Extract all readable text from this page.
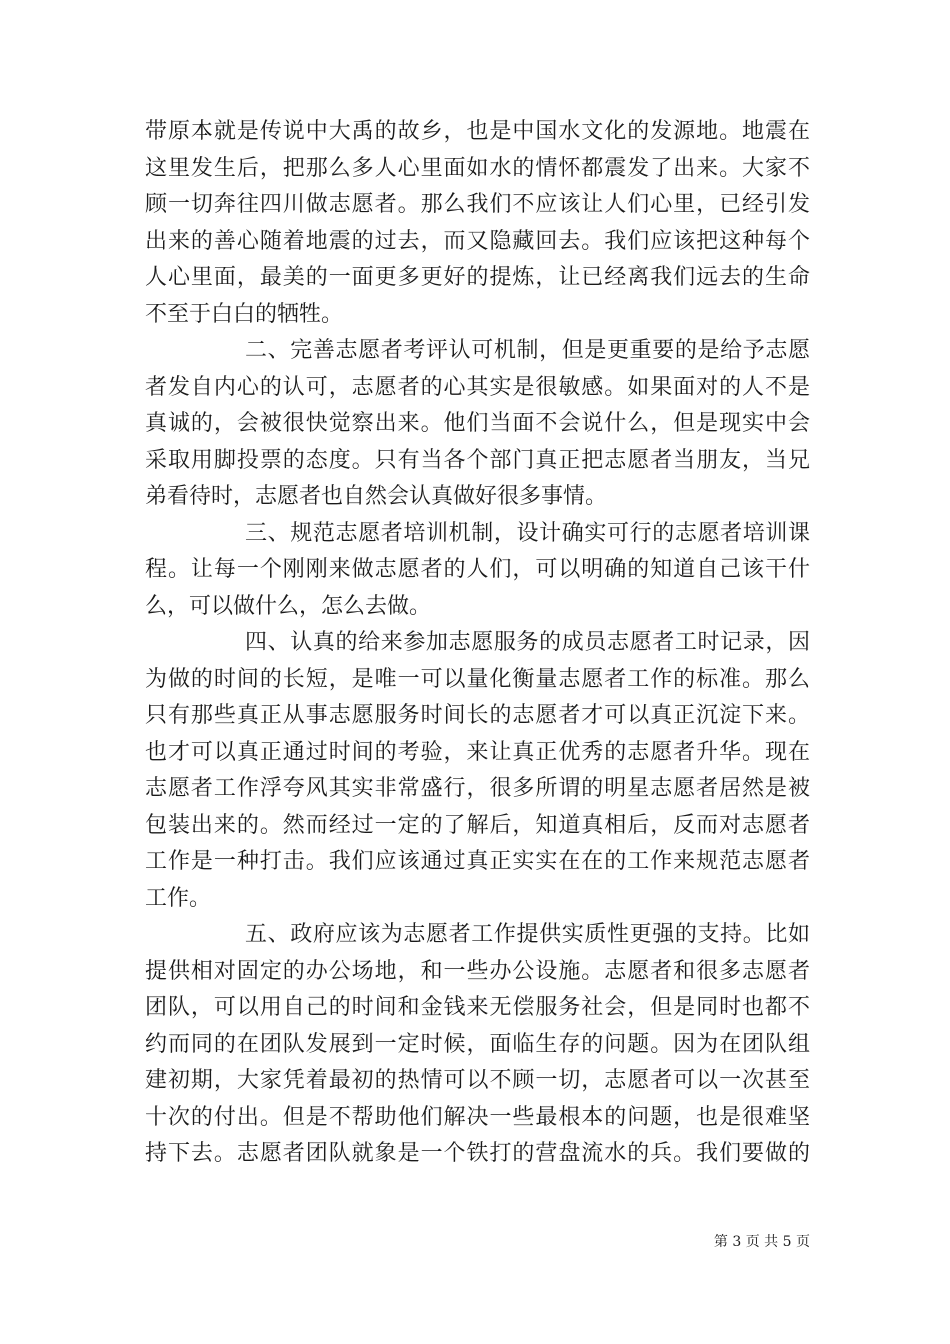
带原本就是传说中大禹的故乡，也是中国水文化的发源地。地震在
这里发生后，把那么多人心里面如水的情怀都震发了出来。大家不
顾一切奔往四川做志愿者。那么我们不应该让人们心里，已经引发
出来的善心随着地震的过去，而又隐藏回去。我们应该把这种每个
人心里面，最美的一面更多更好的提炼，让已经离我们远去的生命
不至于白白的牺牲。
二、完善志愿者考评认可机制，但是更重要的是给予志愿
者发自内心的认可，志愿者的心其实是很敏感。如果面对的人不是
真诚的，会被很快觉察出来。他们当面不会说什么，但是现实中会
采取用脚投票的态度。只有当各个部门真正把志愿者当朋友，当兄
弟看待时，志愿者也自然会认真做好很多事情。
三、规范志愿者培训机制，设计确实可行的志愿者培训课
程。让每一个刚刚来做志愿者的人们，可以明确的知道自己该干什
么，可以做什么，怎么去做。
四、认真的给来参加志愿服务的成员志愿者工时记录，因
为做的时间的长短，是唯一可以量化衡量志愿者工作的标准。那么
只有那些真正从事志愿服务时间长的志愿者才可以真正沉淀下来。
也才可以真正通过时间的考验，来让真正优秀的志愿者升华。现在
志愿者工作浮夸风其实非常盛行，很多所谓的明星志愿者居然是被
包装出来的。然而经过一定的了解后，知道真相后，反而对志愿者
工作是一种打击。我们应该通过真正实实在在的工作来规范志愿者
工作。
五、政府应该为志愿者工作提供实质性更强的支持。比如
提供相对固定的办公场地，和一些办公设施。志愿者和很多志愿者
团队，可以用自己的时间和金钱来无偿服务社会，但是同时也都不
约而同的在团队发展到一定时候，面临生存的问题。因为在团队组
建初期，大家凭着最初的热情可以不顾一切，志愿者可以一次甚至
十次的付出。但是不帮助他们解决一些最根本的问题，也是很难坚
持下去。志愿者团队就象是一个铁打的营盘流水的兵。我们要做的
第 3 页 共 5 页
